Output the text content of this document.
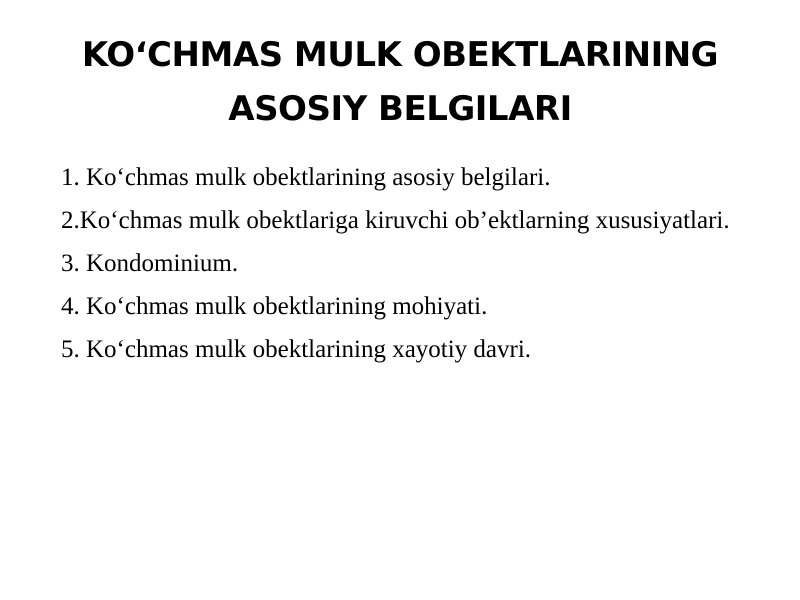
KO‘CHMAS MULK OBEKTLARINING
ASOSIY BELGILARI

1. Ko‘chmas mulk obektlarining asosiy belgilari.

2.Ko‘chmas mulk obektlariga kiruvchi ob’ektlarning xususiyatlari.

3. Kondominium.

4. Ko‘chmas mulk obektlarining mohiyati.

5. Ko‘chmas mulk obektlarining xayotiy davri.
